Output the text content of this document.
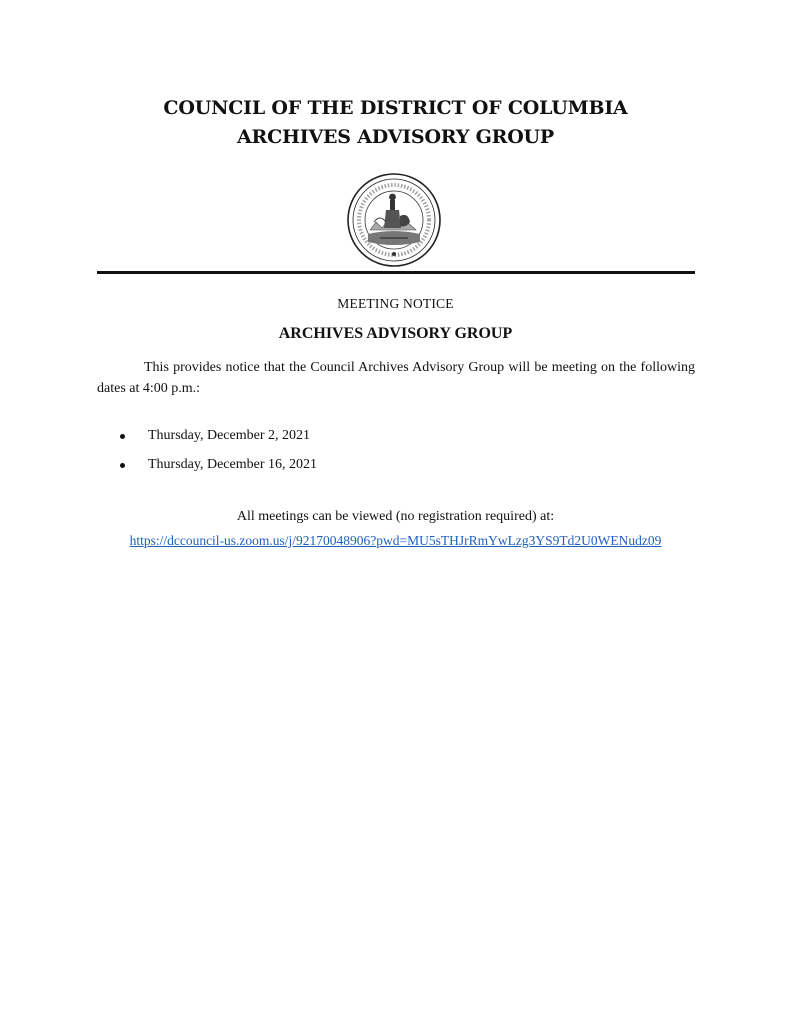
COUNCIL OF THE DISTRICT OF COLUMBIA
ARCHIVES ADVISORY GROUP
MEETING NOTICE
ARCHIVES ADVISORY GROUP

This provides notice that the Council Archives Advisory Group will be meeting on the following dates at 4:00 p.m.:

Thursday, December 2, 2021
Thursday, December 16, 2021
All meetings can be viewed (no registration required) at:
https://dccouncil-us.zoom.us/j/92170048906?pwd=MU5sTHJrRmYwLzg3YS9Td2U0WENudz09
